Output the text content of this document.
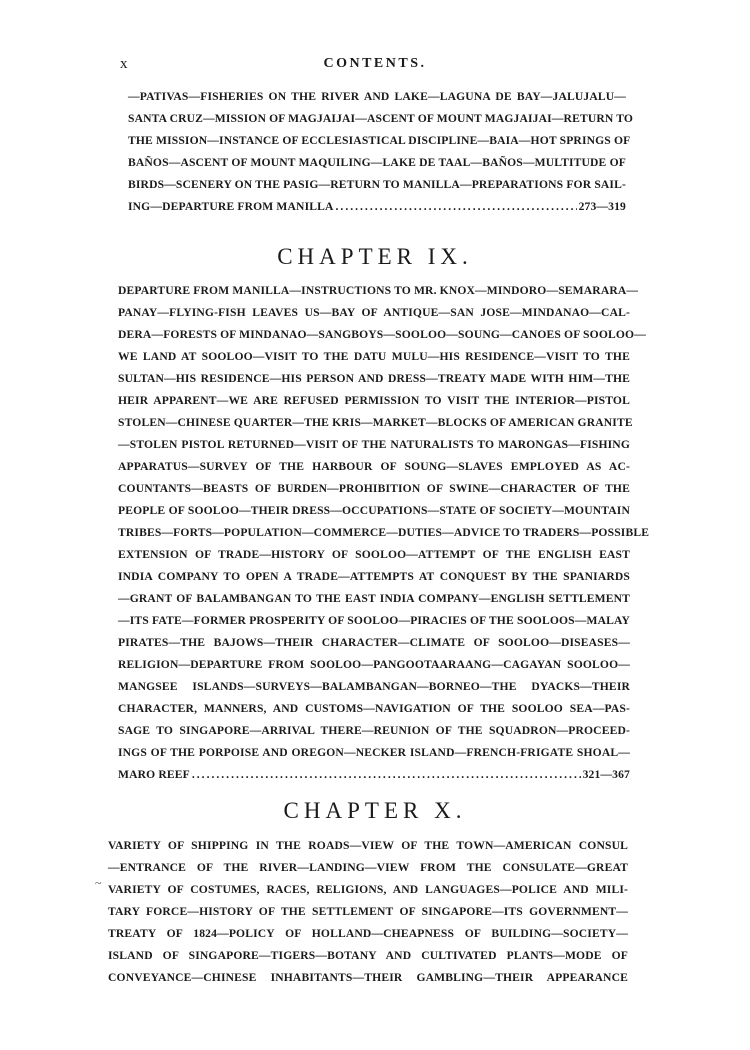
x	CONTENTS.
—PATIVAS—FISHERIES ON THE RIVER AND LAKE—LAGUNA DE BAY—JALUJALU—
SANTA CRUZ—MISSION OF MAGJAIJAI—ASCENT OF MOUNT MAGJAIJAI—RETURN TO
THE MISSION—INSTANCE OF ECCLESIASTICAL DISCIPLINE—BAIA—HOT SPRINGS OF
BAÑOS—ASCENT OF MOUNT MAQUILING—LAKE DE TAAL—BAÑOS—MULTITUDE OF
BIRDS—SCENERY ON THE PASIG—RETURN TO MANILLA—PREPARATIONS FOR SAIL-
ING—DEPARTURE FROM MANILLA .....	273—319
CHAPTER IX.
DEPARTURE FROM MANILLA—INSTRUCTIONS TO MR. KNOX—MINDORO—SEMARARA—
PANAY—FLYING-FISH LEAVES US—BAY OF ANTIQUE—SAN JOSE—MINDANAO—CAL-
DERA—FORESTS OF MINDANAO—SANGBOYS—SOOLOO—SOUNG—CANOES OF SOOLOO—
WE LAND AT SOOLOO—VISIT TO THE DATU MULU—HIS RESIDENCE—VISIT TO THE
SULTAN—HIS RESIDENCE—HIS PERSON AND DRESS—TREATY MADE WITH HIM—THE
HEIR APPARENT—WE ARE REFUSED PERMISSION TO VISIT THE INTERIOR—PISTOL
STOLEN—CHINESE QUARTER—THE KRIS—MARKET—BLOCKS OF AMERICAN GRANITE
—STOLEN PISTOL RETURNED—VISIT OF THE NATURALISTS TO MARONGAS—FISHING
APPARATUS—SURVEY OF THE HARBOUR OF SOUNG—SLAVES EMPLOYED AS AC-
COUNTANTS—BEASTS OF BURDEN—PROHIBITION OF SWINE—CHARACTER OF THE
PEOPLE OF SOOLOO—THEIR DRESS—OCCUPATIONS—STATE OF SOCIETY—MOUNTAIN
TRIBES—FORTS—POPULATION—COMMERCE—DUTIES—ADVICE TO TRADERS—POSSIBLE
EXTENSION OF TRADE—HISTORY OF SOOLOO—ATTEMPT OF THE ENGLISH EAST
INDIA COMPANY TO OPEN A TRADE—ATTEMPTS AT CONQUEST BY THE SPANIARDS
—GRANT OF BALAMBANGAN TO THE EAST INDIA COMPANY—ENGLISH SETTLEMENT
—ITS FATE—FORMER PROSPERITY OF SOOLOO—PIRACIES OF THE SOOLOOS—MALAY
PIRATES—THE BAJOWS—THEIR CHARACTER—CLIMATE OF SOOLOO—DISEASES—
RELIGION—DEPARTURE FROM SOOLOO—PANGOOTAARAANG—CAGAYAN SOOLOO—
MANGSEE ISLANDS—SURVEYS—BALAMBANGAN—BORNEO—THE DYACKS—THEIR
CHARACTER, MANNERS, AND CUSTOMS—NAVIGATION OF THE SOOLOO SEA—PAS-
SAGE TO SINGAPORE—ARRIVAL THERE—REUNION OF THE SQUADRON—PROCEED-
INGS OF THE PORPOISE AND OREGON—NECKER ISLAND—FRENCH-FRIGATE SHOAL—
MARO REEF .....	321—367
CHAPTER X.
~
VARIETY OF SHIPPING IN THE ROADS—VIEW OF THE TOWN—AMERICAN CONSUL
—ENTRANCE OF THE RIVER—LANDING—VIEW FROM THE CONSULATE—GREAT
VARIETY OF COSTUMES, RACES, RELIGIONS, AND LANGUAGES—POLICE AND MILI-
TARY FORCE—HISTORY OF THE SETTLEMENT OF SINGAPORE—ITS GOVERNMENT—
TREATY OF 1824—POLICY OF HOLLAND—CHEAPNESS OF BUILDING—SOCIETY—
ISLAND OF SINGAPORE—TIGERS—BOTANY AND CULTIVATED PLANTS—MODE OF
CONVEYANCE—CHINESE INHABITANTS—THEIR GAMBLING—THEIR APPEARANCE
